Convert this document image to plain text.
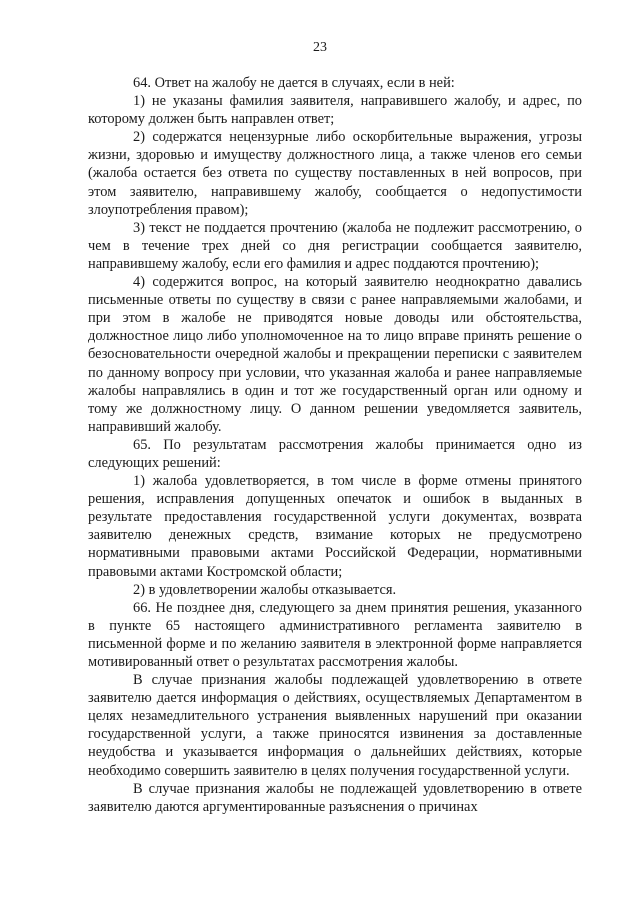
23

64. Ответ на жалобу не дается в случаях, если в ней:

1) не указаны фамилия заявителя, направившего жалобу, и адрес, по которому должен быть направлен ответ;

2) содержатся нецензурные либо оскорбительные выражения, угрозы жизни, здоровью и имуществу должностного лица, а также членов его семьи (жалоба остается без ответа по существу поставленных в ней вопросов, при этом заявителю, направившему жалобу, сообщается о недопустимости злоупотребления правом);

3) текст не поддается прочтению (жалоба не подлежит рассмотрению, о чем в течение трех дней со дня регистрации сообщается заявителю, направившему жалобу, если его фамилия и адрес поддаются прочтению);

4) содержится вопрос, на который заявителю неоднократно давались письменные ответы по существу в связи с ранее направляемыми жалобами, и при этом в жалобе не приводятся новые доводы или обстоятельства, должностное лицо либо уполномоченное на то лицо вправе принять решение о безосновательности очередной жалобы и прекращении переписки с заявителем по данному вопросу при условии, что указанная жалоба и ранее направляемые жалобы направлялись в один и тот же государственный орган или одному и тому же должностному лицу. О данном решении уведомляется заявитель, направивший жалобу.

65. По результатам рассмотрения жалобы принимается одно из следующих решений:

1) жалоба удовлетворяется, в том числе в форме отмены принятого решения, исправления допущенных опечаток и ошибок в выданных в результате предоставления государственной услуги документах, возврата заявителю денежных средств, взимание которых не предусмотрено нормативными правовыми актами Российской Федерации, нормативными правовыми актами Костромской области;

2) в удовлетворении жалобы отказывается.

66. Не позднее дня, следующего за днем принятия решения, указанного в пункте 65 настоящего административного регламента заявителю в письменной форме и по желанию заявителя в электронной форме направляется мотивированный ответ о результатах рассмотрения жалобы.

В случае признания жалобы подлежащей удовлетворению в ответе заявителю дается информация о действиях, осуществляемых Департаментом в целях незамедлительного устранения выявленных нарушений при оказании государственной услуги, а также приносятся извинения за доставленные неудобства и указывается информация о дальнейших действиях, которые необходимо совершить заявителю в целях получения государственной услуги.

В случае признания жалобы не подлежащей удовлетворению в ответе заявителю даются аргументированные разъяснения о причинах
